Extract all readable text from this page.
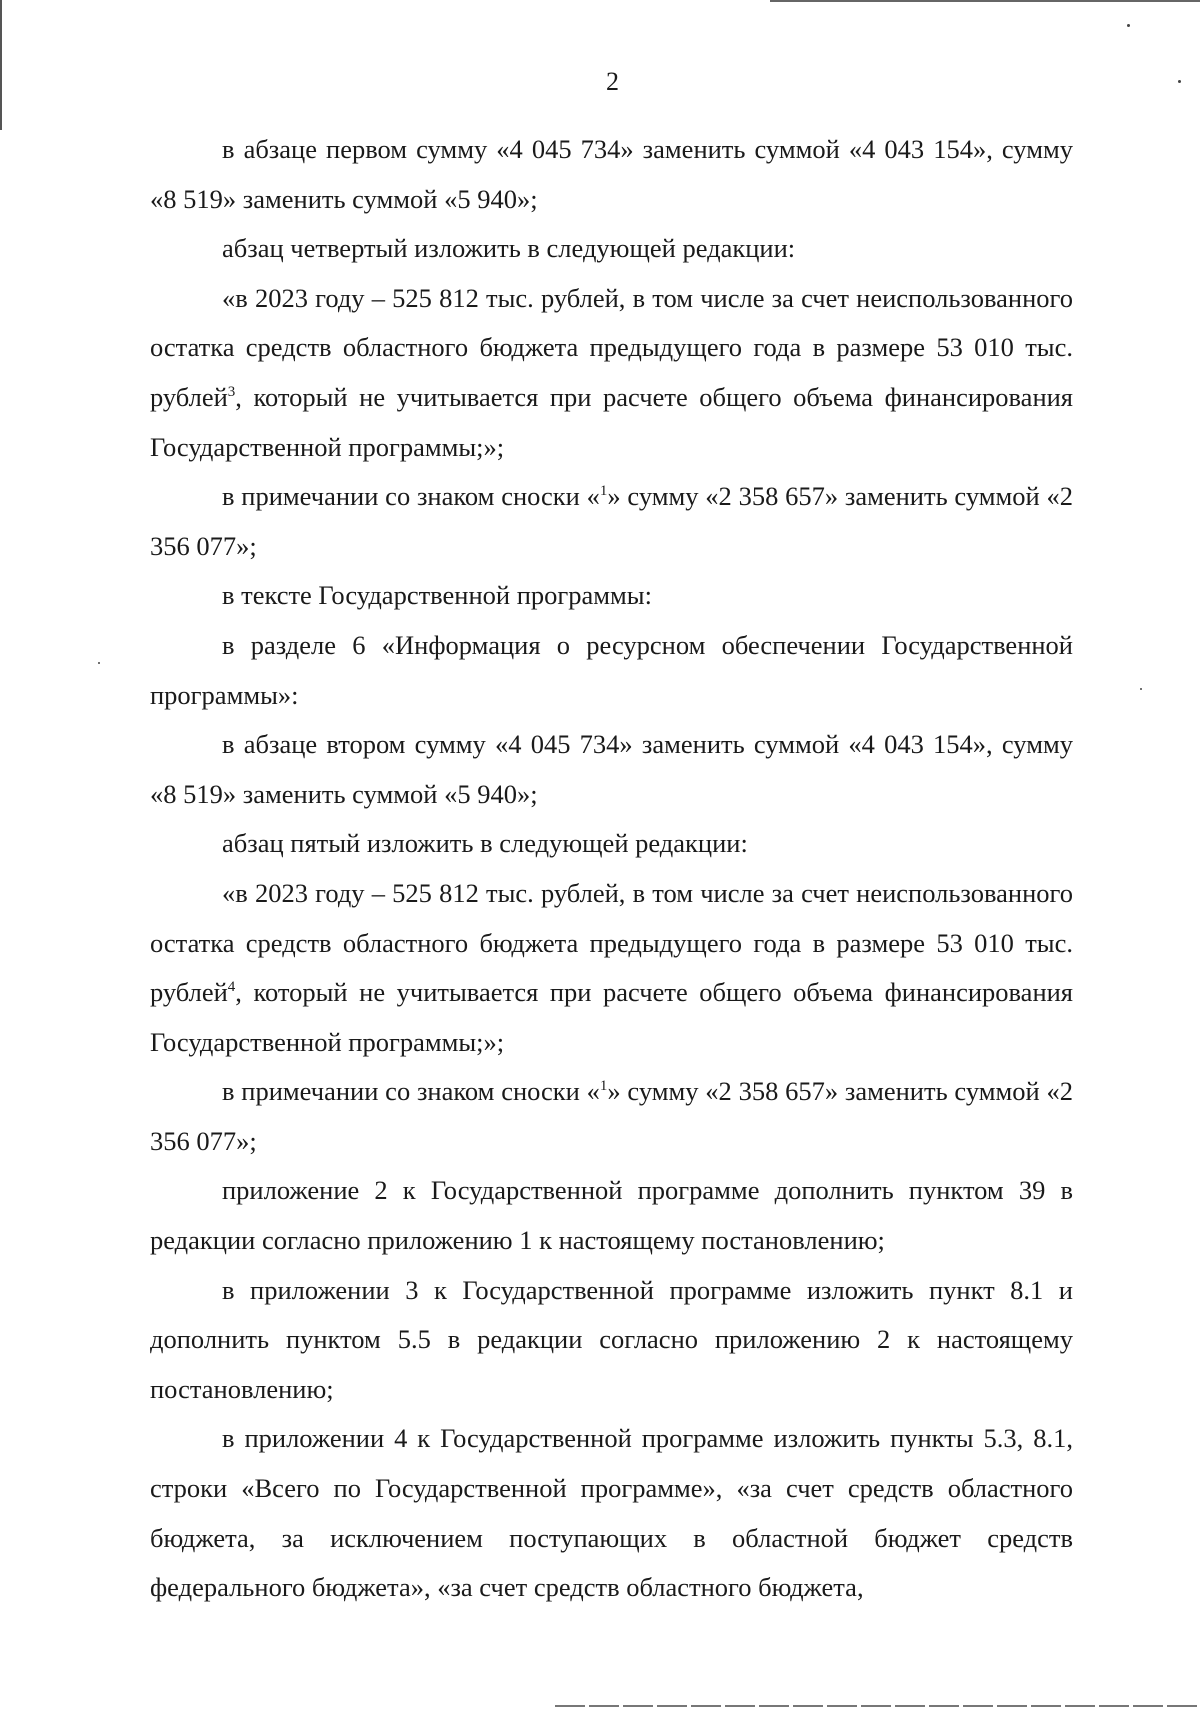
2

в абзаце первом сумму «4 045 734» заменить суммой «4 043 154», сумму «8 519» заменить суммой «5 940»;

абзац четвертый изложить в следующей редакции:

«в 2023 году – 525 812 тыс. рублей, в том числе за счет неиспользованного остатка средств областного бюджета предыдущего года в размере 53 010 тыс. рублей$^3$, который не учитывается при расчете общего объема финансирования Государственной программы;»;

в примечании со знаком сноски «$^1$» сумму «2 358 657» заменить суммой «2 356 077»;

в тексте Государственной программы:

в разделе 6 «Информация о ресурсном обеспечении Государственной программы»:

в абзаце втором сумму «4 045 734» заменить суммой «4 043 154», сумму «8 519» заменить суммой «5 940»;

абзац пятый изложить в следующей редакции:

«в 2023 году – 525 812 тыс. рублей, в том числе за счет неиспользованного остатка средств областного бюджета предыдущего года в размере 53 010 тыс. рублей$^4$, который не учитывается при расчете общего объема финансирования Государственной программы;»;

в примечании со знаком сноски «$^1$» сумму «2 358 657» заменить суммой «2 356 077»;

приложение 2 к Государственной программе дополнить пунктом 39 в редакции согласно приложению 1 к настоящему постановлению;

в приложении 3 к Государственной программе изложить пункт 8.1 и дополнить пунктом 5.5 в редакции согласно приложению 2 к настоящему постановлению;

в приложении 4 к Государственной программе изложить пункты 5.3, 8.1, строки «Всего по Государственной программе», «за счет средств областного бюджета, за исключением поступающих в областной бюджет средств федерального бюджета», «за счет средств областного бюджета,
